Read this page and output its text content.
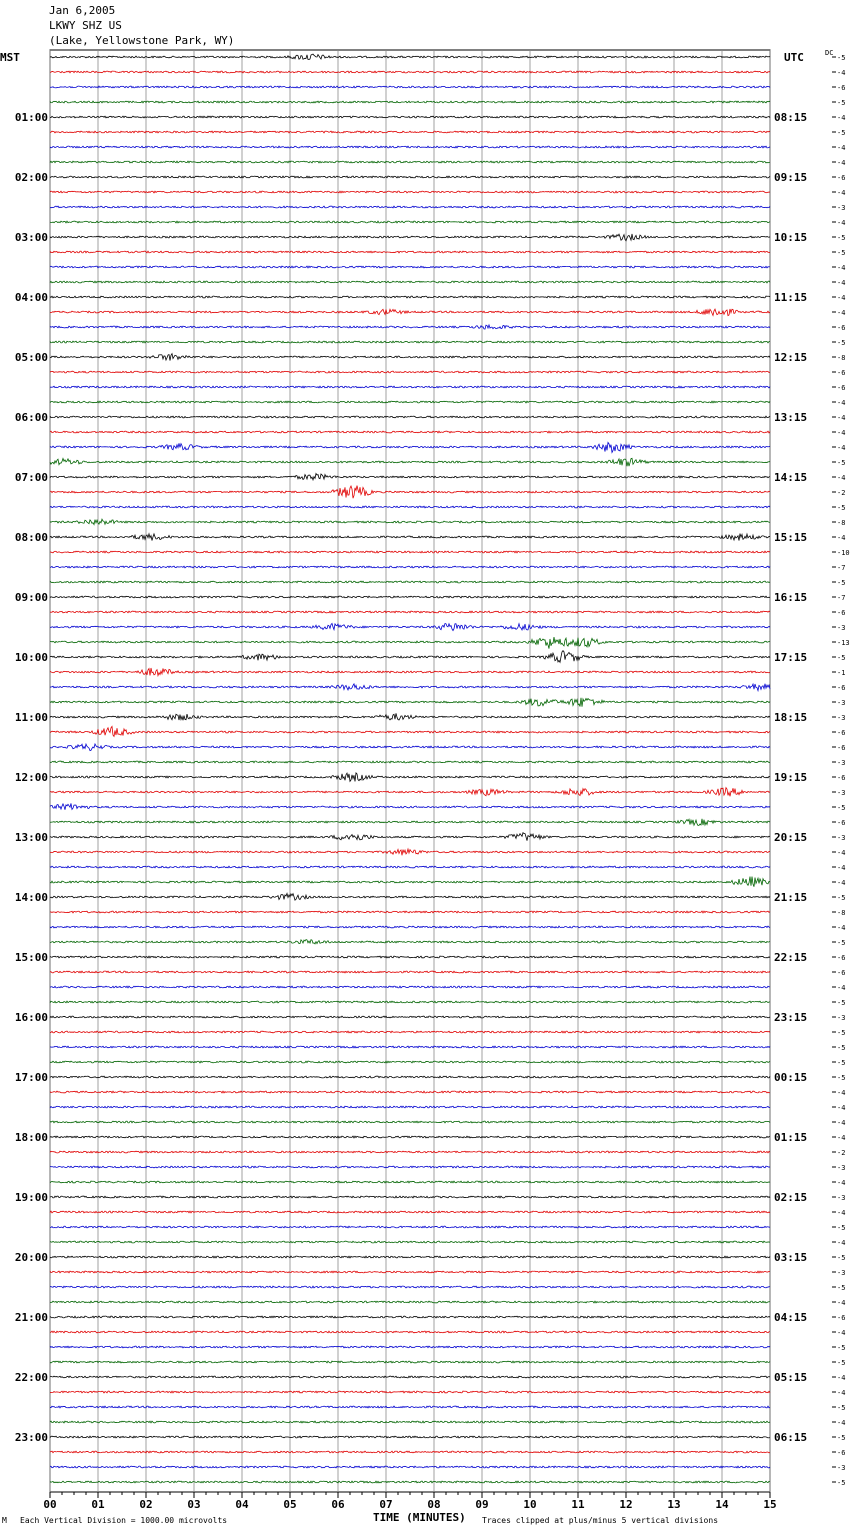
Jan 6,2005
LKWY SHZ US
(Lake, Yellowstone Park, WY)
00	01	02	03	04	05	06	07	08	09	10	11	12	13	14	15
MST	UTC	DC
-5
-4
-6
-5
-4
01:00	08:15
-5
-4
-4
-6
02:00	09:15
-4
-3
-4
-5
03:00	10:15
-5
-4
-4
-4
04:00	11:15
-4
-6
-5
-8
05:00	12:15
-6
-6
-4
-4
06:00	13:15
-4
-4
-5
-4
07:00	14:15
-2
-5
-8
-4
08:00	15:15
-10
-7
-5
-7
09:00	16:15
-6
-3
-13
-5
10:00	17:15
-1
-6
-3
-3
11:00	18:15
-6
-6
-3
-6
12:00	19:15
-3
-5
-6
-3
13:00	20:15
-4
-4
-4
-5
14:00	21:15
-8
-4
-5
-6
15:00	22:15
-6
-4
-5
-3
16:00	23:15
-5
-5
-5
-5
17:00	00:15
-4
-4
-4
-4
18:00	01:15
-2
-3
-4
-3
19:00	02:15
-4
-5
-4
-5
20:00	03:15
-3
-5
-4
-6
21:00	04:15
-4
-5
-5
-4
22:00	05:15
-4
-5
-4
-5
23:00	06:15
-6
-3
-5
M Each Vertical Division = 1000.00 microvolts	TIME (MINUTES) Traces clipped at plus/minus 5 vertical divisions
